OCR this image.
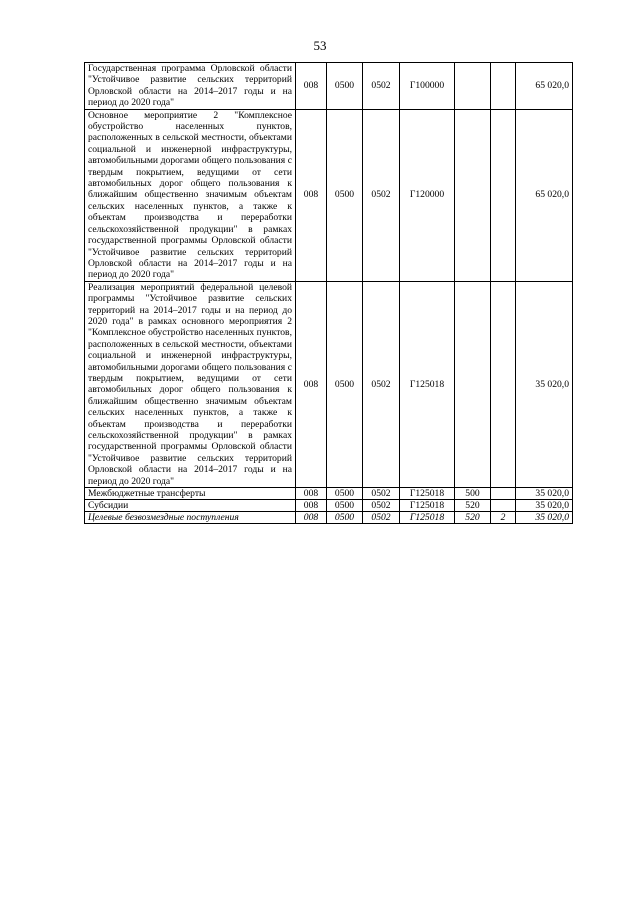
53
Государственная программа Орловской области "Устойчивое развитие сельских территорий Орловской области на 2014–2017 годы и на период до 2020 года"	008	0500	0502	Г100000			65 020,0
Основное мероприятие 2 "Комплексное обустройство населенных пунктов, расположенных в сельской местности, объектами социальной и инженерной инфраструктуры, автомобильными дорогами общего пользования с твердым покрытием, ведущими от сети автомобильных дорог общего пользования к ближайшим общественно значимым объектам сельских населенных пунктов, а также к объектам производства и переработки сельскохозяйственной продукции" в рамках государственной программы Орловской области "Устойчивое развитие сельских территорий Орловской области на 2014–2017 годы и на период до 2020 года"	008	0500	0502	Г120000			65 020,0
Реализация мероприятий федеральной целевой программы "Устойчивое развитие сельских территорий на 2014–2017 годы и на период до 2020 года" в рамках основного мероприятия 2 "Комплексное обустройство населенных пунктов, расположенных в сельской местности, объектами социальной и инженерной инфраструктуры, автомобильными дорогами общего пользования с твердым покрытием, ведущими от сети автомобильных дорог общего пользования к ближайшим общественно значимым объектам сельских населенных пунктов, а также к объектам производства и переработки сельскохозяйственной продукции" в рамках государственной программы Орловской области "Устойчивое развитие сельских территорий Орловской области на 2014–2017 годы и на период до 2020 года"	008	0500	0502	Г125018			35 020,0
Межбюджетные трансферты	008	0500	0502	Г125018	500		35 020,0
Субсидии	008	0500	0502	Г125018	520		35 020,0
Целевые безвозмездные поступления	008	0500	0502	Г125018	520	2	35 020,0
